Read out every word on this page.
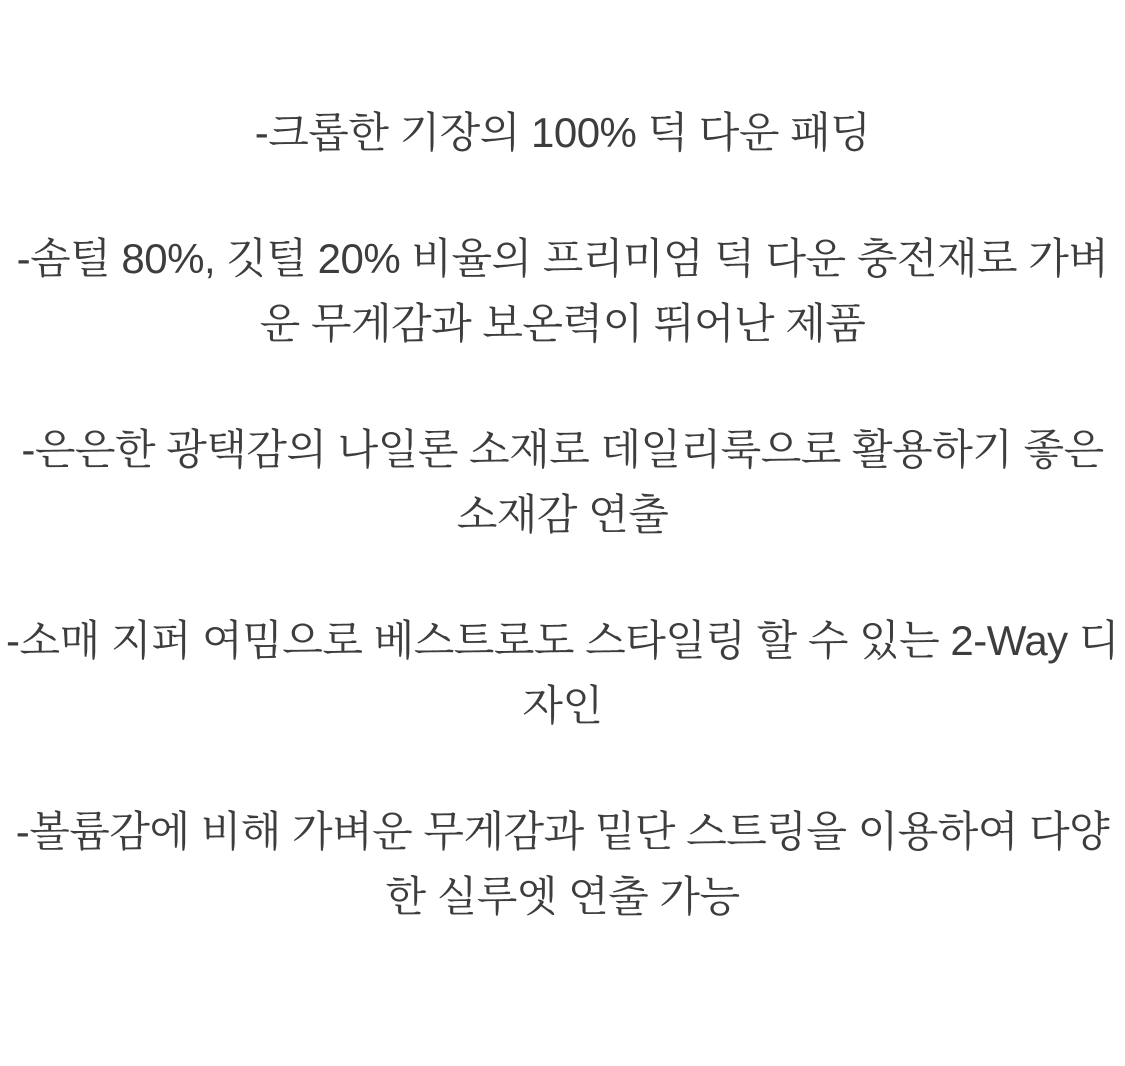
-크롭한 기장의 100% 덕 다운 패딩
-솜털 80%, 깃털 20% 비율의 프리미엄 덕 다운 충전재로 가벼
운 무게감과 보온력이 뛰어난 제품
-은은한 광택감의 나일론 소재로 데일리룩으로 활용하기 좋은
소재감 연출
-소매 지퍼 여밈으로 베스트로도 스타일링 할 수 있는 2-Way 디
자인
-볼륨감에 비해 가벼운 무게감과 밑단 스트링을 이용하여 다양
한 실루엣 연출 가능
